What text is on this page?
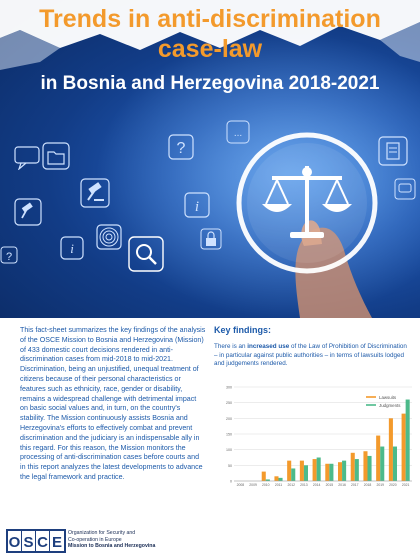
?
i
i
?
...
Trends in anti-discrimination
case-law
in Bosnia and Herzegovina 2018-2021

This fact-sheet summarizes the key findings of the analysis of the OSCE Mission to Bosnia and Herzegovina (Mission) of 433 domestic court decisions rendered in anti-discrimination cases from mid-2018 to mid-2021.

Discrimination, being an unjustified, unequal treatment of citizens because of their personal characteristics or features such as ethnicity, race, gender or disability, remains a widespread challenge with detrimental impact on basic social values and, in turn, on the country's stability. The Mission continuously assists Bosnia and Herzegovina's efforts to effectively combat and prevent discrimination and the judiciary is an indispensable ally in this regard. For this reason, the Mission monitors the processing of anti-discrimination cases before courts and in this report analyzes the latest developments to advance the legal framework and practice.

Key findings:
There is an increased use of the Law of Prohibition of Discrimination – in particular against public authorities – in terms of lawsuits lodged and judgements rendered.
300
250
200
150
100
50
0
2008 2009 2010 2011 2012 2013 2014 2015 2016 2017 2018 2019 2020 2021
Lawsuits
Judgments
O S C E
Organization for Security and
Co-operation in Europe
Mission to Bosnia and Herzegovina
